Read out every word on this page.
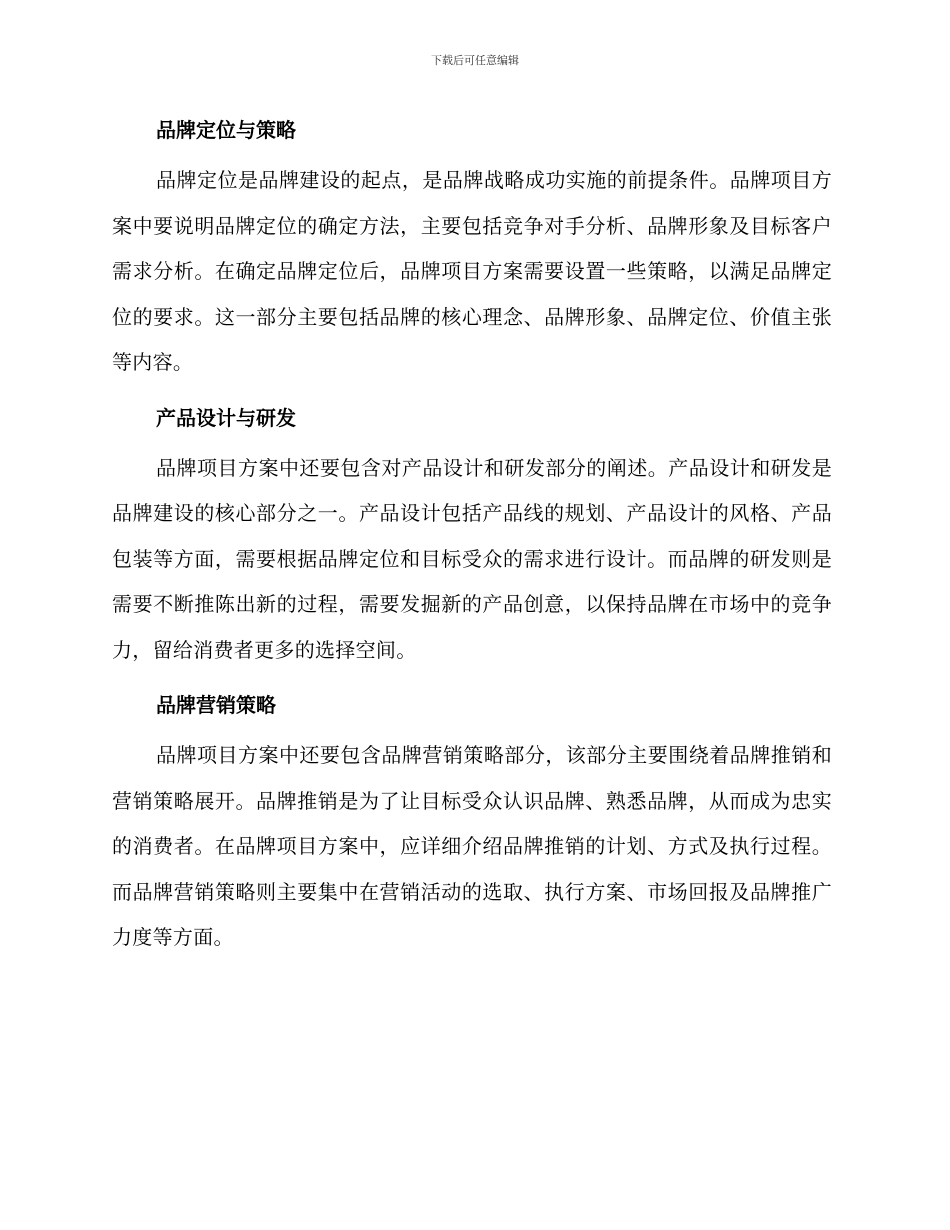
下载后可任意编辑
品牌定位与策略

品牌定位是品牌建设的起点，是品牌战略成功实施的前提条件。品牌项目方案中要说明品牌定位的确定方法，主要包括竞争对手分析、品牌形象及目标客户需求分析。在确定品牌定位后，品牌项目方案需要设置一些策略，以满足品牌定位的要求。这一部分主要包括品牌的核心理念、品牌形象、品牌定位、价值主张等内容。

产品设计与研发

品牌项目方案中还要包含对产品设计和研发部分的阐述。产品设计和研发是品牌建设的核心部分之一。产品设计包括产品线的规划、产品设计的风格、产品包装等方面，需要根据品牌定位和目标受众的需求进行设计。而品牌的研发则是需要不断推陈出新的过程，需要发掘新的产品创意，以保持品牌在市场中的竞争力，留给消费者更多的选择空间。

品牌营销策略

品牌项目方案中还要包含品牌营销策略部分，该部分主要围绕着品牌推销和营销策略展开。品牌推销是为了让目标受众认识品牌、熟悉品牌，从而成为忠实的消费者。在品牌项目方案中，应详细介绍品牌推销的计划、方式及执行过程。而品牌营销策略则主要集中在营销活动的选取、执行方案、市场回报及品牌推广力度等方面。
